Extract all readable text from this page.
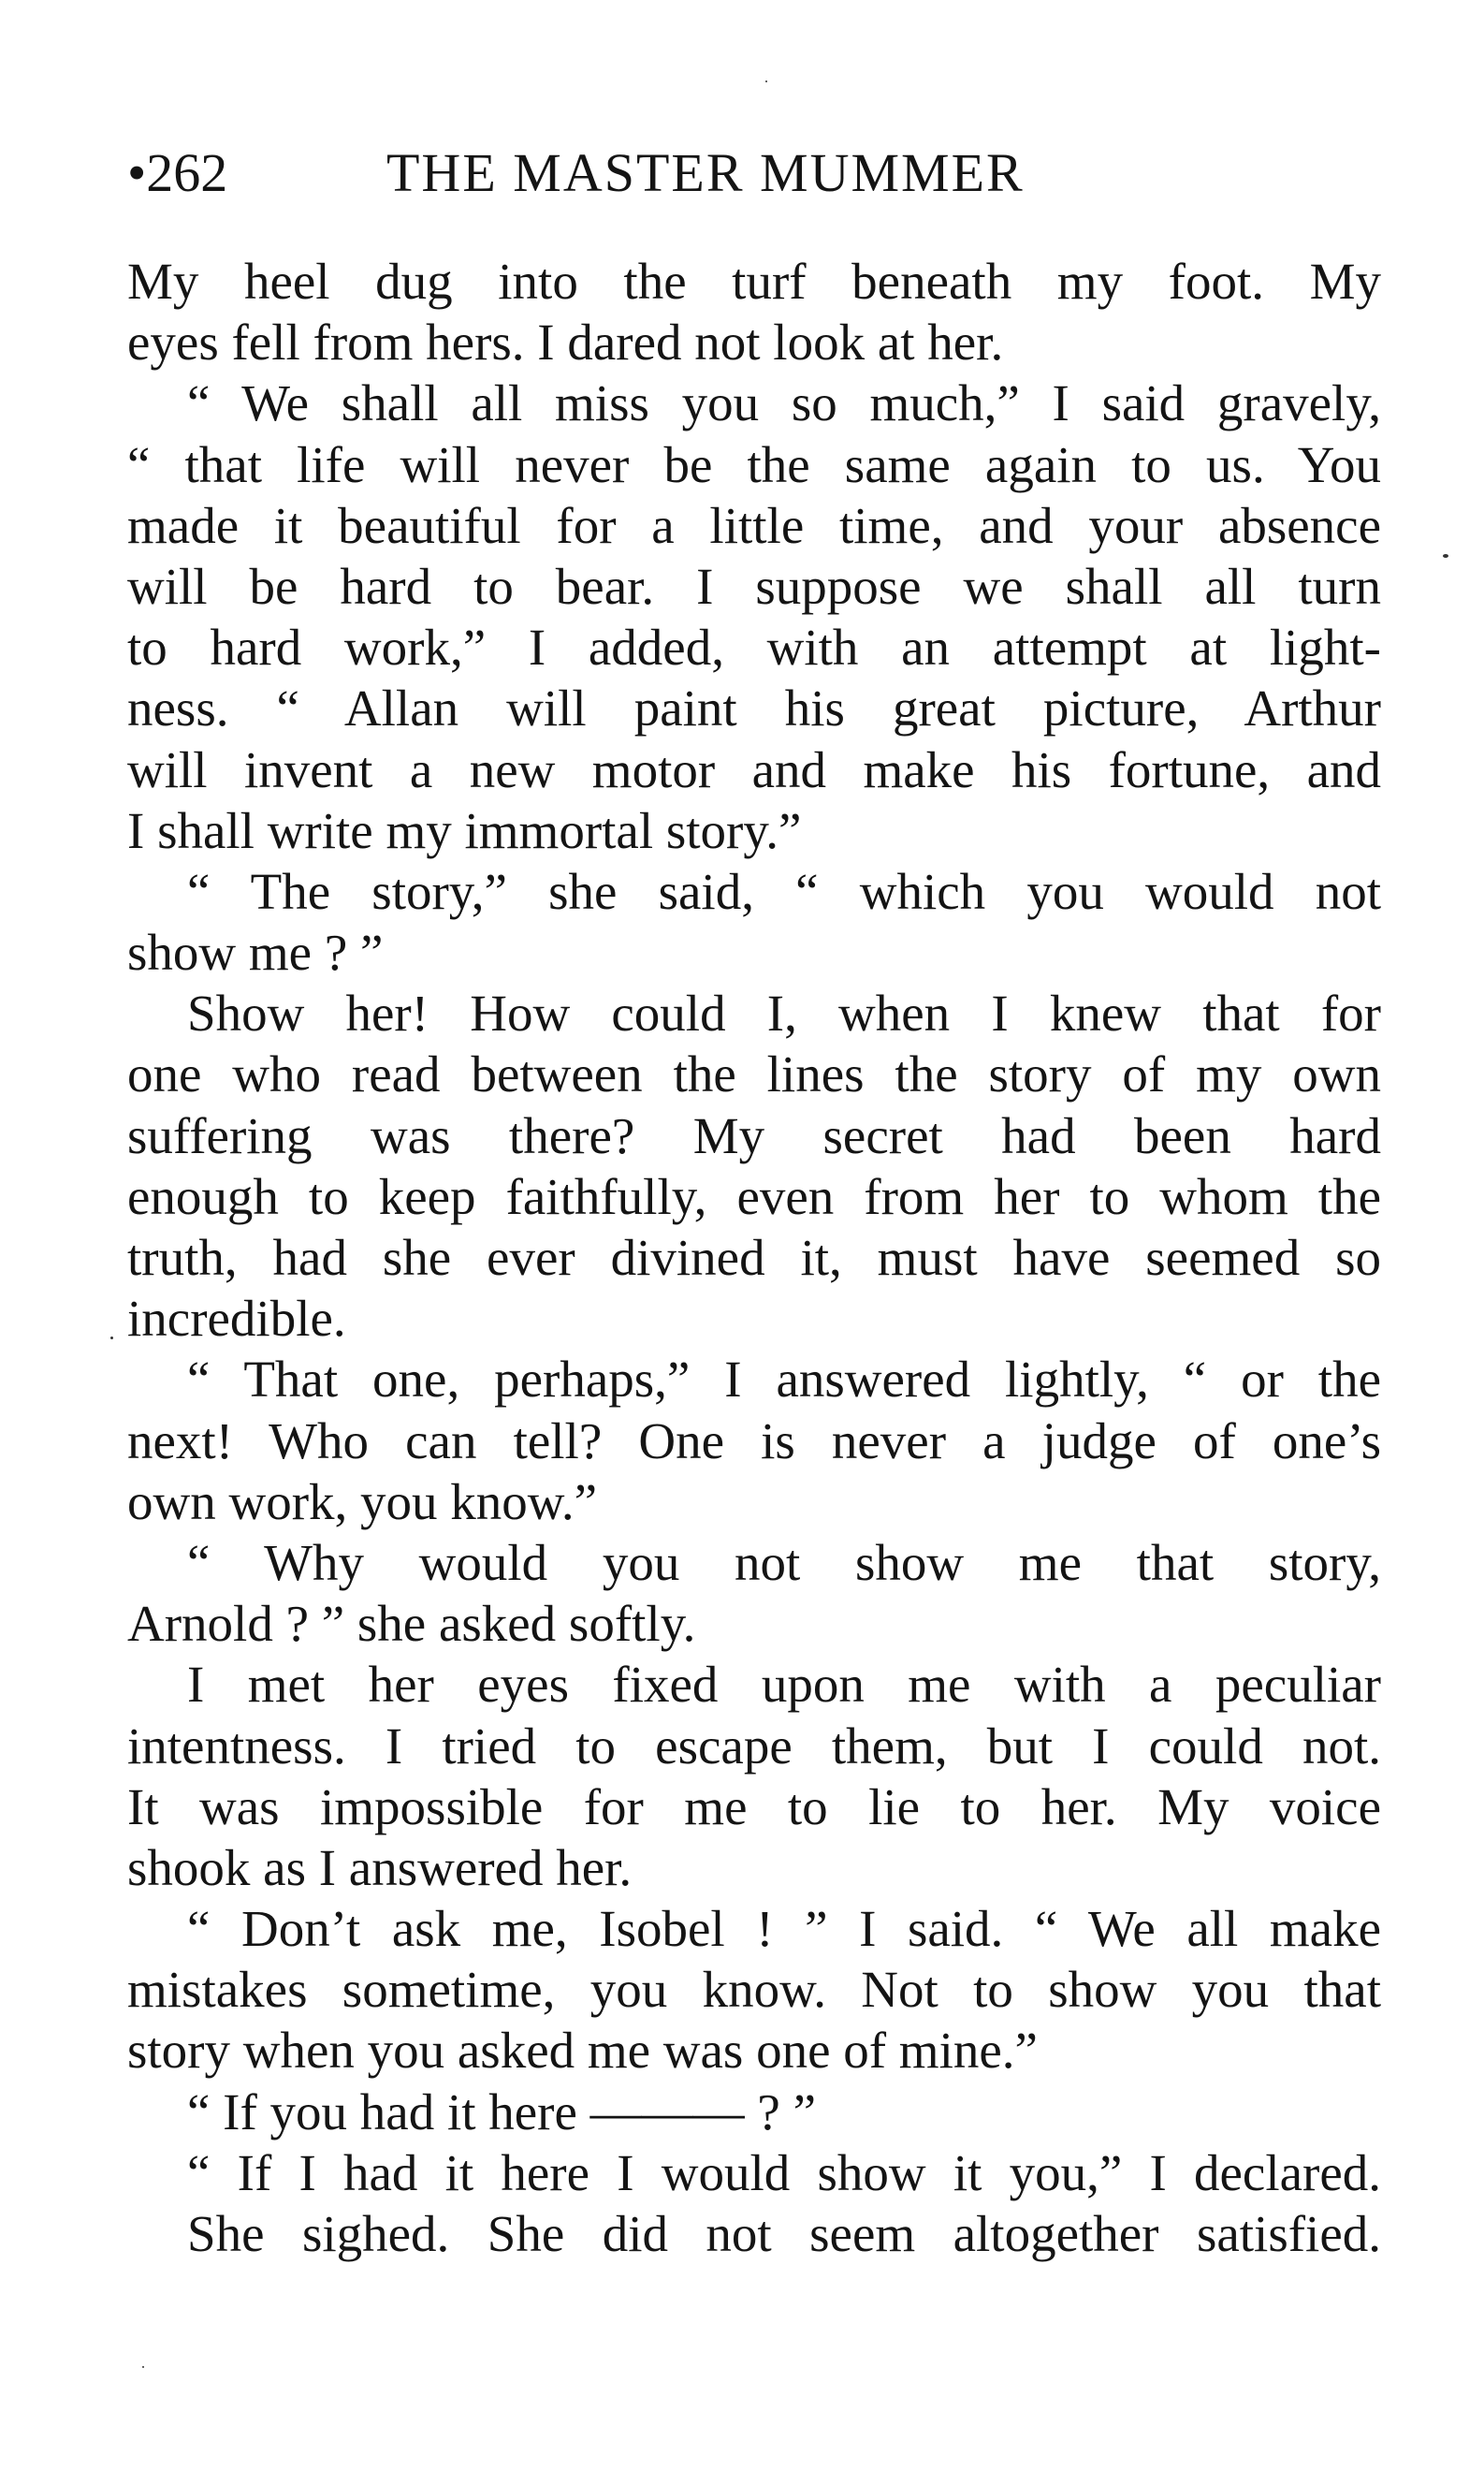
•262	THE MASTER MUMMER
My heel dug into the turf beneath my foot. My
eyes fell from hers. I dared not look at her.
“ We shall all miss you so much,” I said gravely,
“ that life will never be the same again to us. You
made it beautiful for a little time, and your absence
will be hard to bear. I suppose we shall all turn
to hard work,” I added, with an attempt at light-
ness. “ Allan will paint his great picture, Arthur
will invent a new motor and make his fortune, and
I shall write my immortal story.”
“ The story,” she said, “ which you would not
show me ? ”
Show her! How could I, when I knew that for
one who read between the lines the story of my own
suffering was there? My secret had been hard
enough to keep faithfully, even from her to whom the
truth, had she ever divined it, must have seemed so
incredible.
“ That one, perhaps,” I answered lightly, “ or the
next! Who can tell? One is never a judge of one’s
own work, you know.”
“ Why would you not show me that story,
Arnold ? ” she asked softly.
I met her eyes fixed upon me with a peculiar
intentness. I tried to escape them, but I could not.
It was impossible for me to lie to her. My voice
shook as I answered her.
“ Don’t ask me, Isobel ! ” I said. “ We all make
mistakes sometime, you know. Not to show you that
story when you asked me was one of mine.”
“ If you had it here ——— ? ”
“ If I had it here I would show it you,” I declared.
She sighed. She did not seem altogether satisfied.
